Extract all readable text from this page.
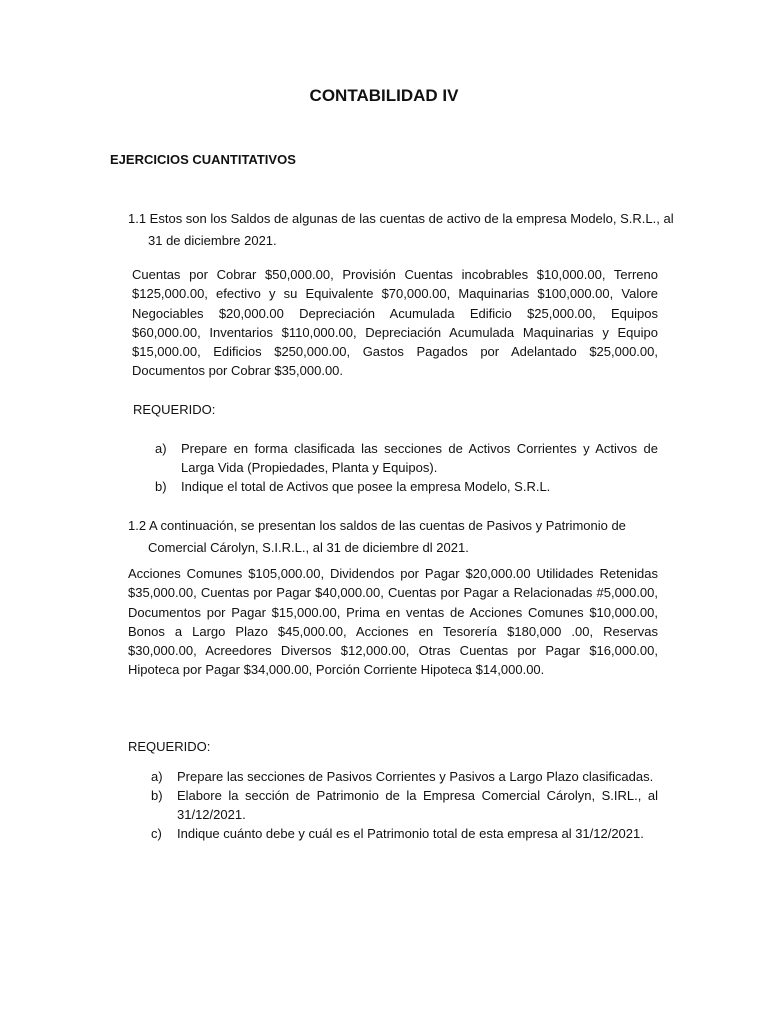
CONTABILIDAD IV
EJERCICIOS CUANTITATIVOS

1.1 Estos son los Saldos de algunas de las cuentas de activo de la empresa Modelo, S.R.L., al 31 de diciembre 2021.

Cuentas por Cobrar $50,000.00, Provisión Cuentas incobrables $10,000.00, Terreno $125,000.00, efectivo y su Equivalente $70,000.00, Maquinarias $100,000.00, Valore Negociables $20,000.00 Depreciación Acumulada Edificio $25,000.00, Equipos $60,000.00, Inventarios $110,000.00, Depreciación Acumulada Maquinarias y Equipo $15,000.00, Edificios $250,000.00, Gastos Pagados por Adelantado $25,000.00, Documentos por Cobrar $35,000.00.

REQUERIDO:

a) Prepare en forma clasificada las secciones de Activos Corrientes y Activos de Larga Vida (Propiedades, Planta y Equipos).
b) Indique el total de Activos que posee la empresa Modelo, S.R.L.

1.2 A continuación, se presentan los saldos de las cuentas de Pasivos y Patrimonio de Comercial Cárolyn, S.I.R.L., al 31 de diciembre dl 2021.

Acciones Comunes $105,000.00, Dividendos por Pagar $20,000.00 Utilidades Retenidas $35,000.00, Cuentas por Pagar $40,000.00, Cuentas por Pagar a Relacionadas #5,000.00, Documentos por Pagar $15,000.00, Prima en ventas de Acciones Comunes $10,000.00, Bonos a Largo Plazo $45,000.00, Acciones en Tesorería $180,000 .00, Reservas $30,000.00, Acreedores Diversos $12,000.00, Otras Cuentas por Pagar $16,000.00, Hipoteca por Pagar $34,000.00, Porción Corriente Hipoteca $14,000.00.

REQUERIDO:

a) Prepare las secciones de Pasivos Corrientes y Pasivos a Largo Plazo clasificadas.
b) Elabore la sección de Patrimonio de la Empresa Comercial Cárolyn, S.IRL., al 31/12/2021.
c) Indique cuánto debe y cuál es el Patrimonio total de esta empresa al 31/12/2021.
